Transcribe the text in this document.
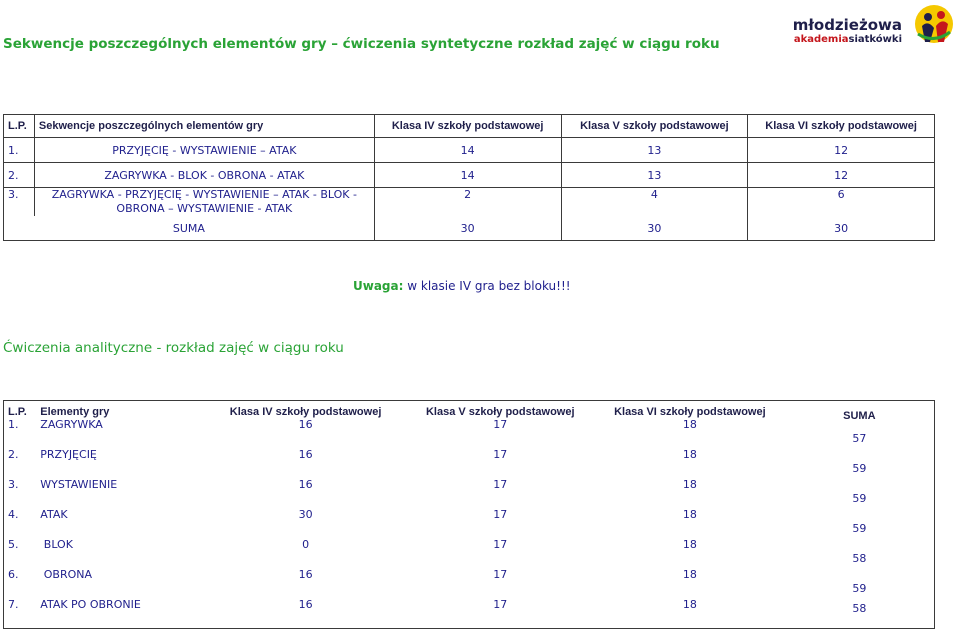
Sekwencje poszczególnych elementów gry – ćwiczenia syntetyczne rozkład zajęć w ciągu roku
młodzieżowa
akademiasiatkówki
L.P.	Sekwencje poszczególnych elementów gry	Klasa IV szkoły podstawowej	Klasa V szkoły podstawowej	Klasa VI szkoły podstawowej
1.	PRZYJĘCIĘ - WYSTAWIENIE – ATAK	14	13	12
2.	ZAGRYWKA - BLOK - OBRONA - ATAK	14	13	12
3.	ZAGRYWKA - PRZYJĘCIĘ - WYSTAWIENIE – ATAK - BLOK - OBRONA – WYSTAWIENIE - ATAK	2	4	6
SUMA		30	30	30
Uwaga: w klasie IV gra bez bloku!!!
Ćwiczenia analityczne - rozkład zajęć w ciągu roku
L.P.	Elementy gry	Klasa IV szkoły podstawowej	Klasa V szkoły podstawowej	Klasa VI szkoły podstawowej	SUMA
1.	ZAGRYWKA	16	17	18	57

2.	PRZYJĘCIĘ	16	17	18	59

3.	WYSTAWIENIE	16	17	18	59

4.	ATAK	30	17	18	59

5.	BLOK	0	17	18	58

6.	OBRONA	16	17	18	59

7.	ATAK PO OBRONIE	16	17	18	58
